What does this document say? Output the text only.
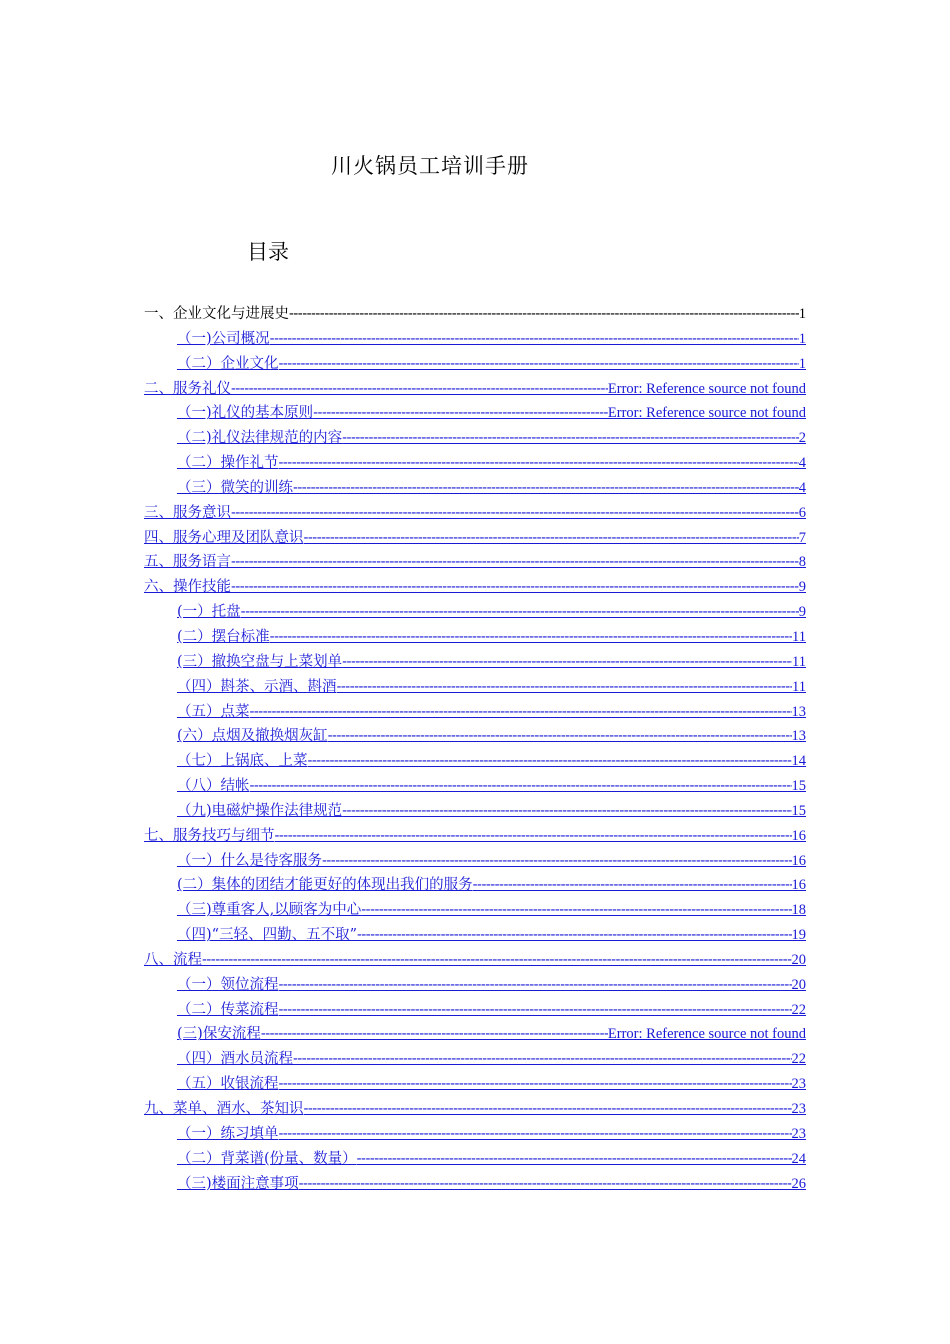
川火锅员工培训手册
目录
一、企业文化与进展史 -----	1
（一)公司概况 -----	1
（二）企业文化 -----	1
二、服务礼仪 -----	Error: Reference source not found
（一)礼仪的基本原则 -----	Error: Reference source not found
（二)礼仪法律规范的内容 -----	2
（二）操作礼节 -----	4
（三）微笑的训练 -----	4
三、服务意识 -----	6
四、服务心理及团队意识 -----	7
五、服务语言 -----	8
六、操作技能 -----	9
(一）托盘 -----	9
(二）摆台标准 -----	11
(三）撤换空盘与上菜划单 -----	11
（四）斟茶、示酒、斟酒 -----	11
（五）点菜 -----	13
(六）点烟及撤换烟灰缸 -----	13
（七）上锅底、上菜 -----	14
（八）结帐 -----	15
（九)电磁炉操作法律规范 -----	15
七、服务技巧与细节 -----	16
（一）什么是待客服务 -----	16
(二）集体的团结才能更好的体现出我们的服务 -----	16
（三)尊重客人,以顾客为中心 -----	18
（四)“三轻、四勤、五不取” -----	19
八、流程 -----	20
（一）领位流程 -----	20
（二）传菜流程 -----	22
(三)保安流程 -----	Error: Reference source not found
（四）酒水员流程 -----	22
（五）收银流程 -----	23
九、菜单、酒水、茶知识 -----	23
（一）练习填单 -----	23
（二）背菜谱(份量、数量） -----	24
（三)楼面注意事项 -----	26
